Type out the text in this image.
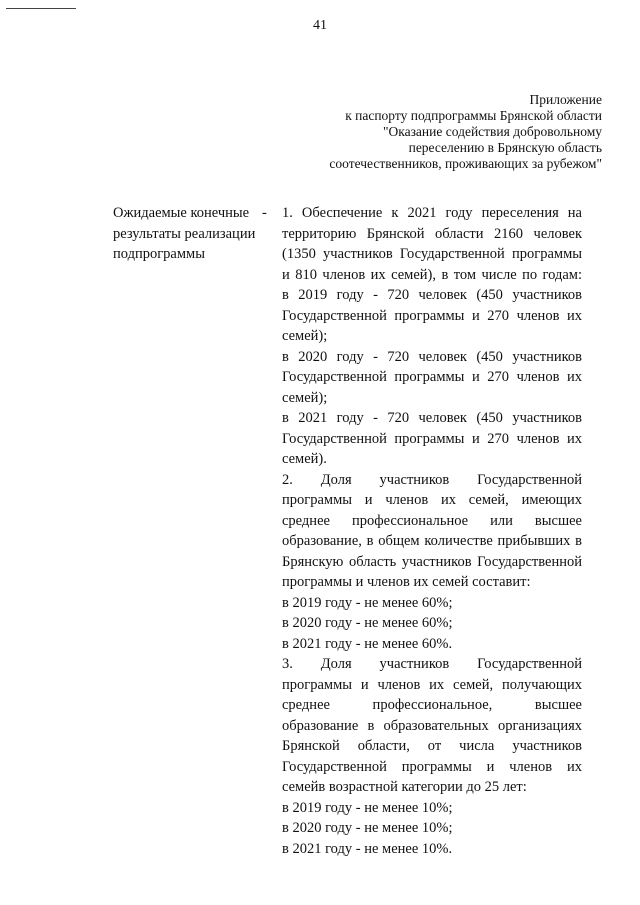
41
Приложение
к паспорту подпрограммы Брянской области
"Оказание содействия добровольному
переселению в Брянскую область
соотечественников, проживающих за рубежом"
Ожидаемые конечные
результаты реализации
подпрограммы
- 1. Обеспечение к 2021 году переселения на
территорию Брянской области 2160 человек
(1350 участников Государственной программы
и 810 членов их семей), в том числе по годам:
в 2019 году - 720 человек (450 участников
Государственной программы и 270 членов их
семей);
в 2020 году - 720 человек (450 участников
Государственной программы и 270 членов их
семей);
в 2021 году - 720 человек (450 участников
Государственной программы и 270 членов их
семей).
2. Доля участников Государственной
программы и членов их семей, имеющих
среднее профессиональное или высшее
образование, в общем количестве прибывших в
Брянскую область участников Государственной
программы и членов их семей составит:
в 2019 году - не менее 60%;
в 2020 году - не менее 60%;
в 2021 году - не менее 60%.
3. Доля участников Государственной
программы и членов их семей, получающих
среднее профессиональное, высшее
образование в образовательных организациях
Брянской области, от числа участников
Государственной программы и членов их
семейв возрастной категории до 25 лет:
в 2019 году - не менее 10%;
в 2020 году - не менее 10%;
в 2021 году - не менее 10%.
